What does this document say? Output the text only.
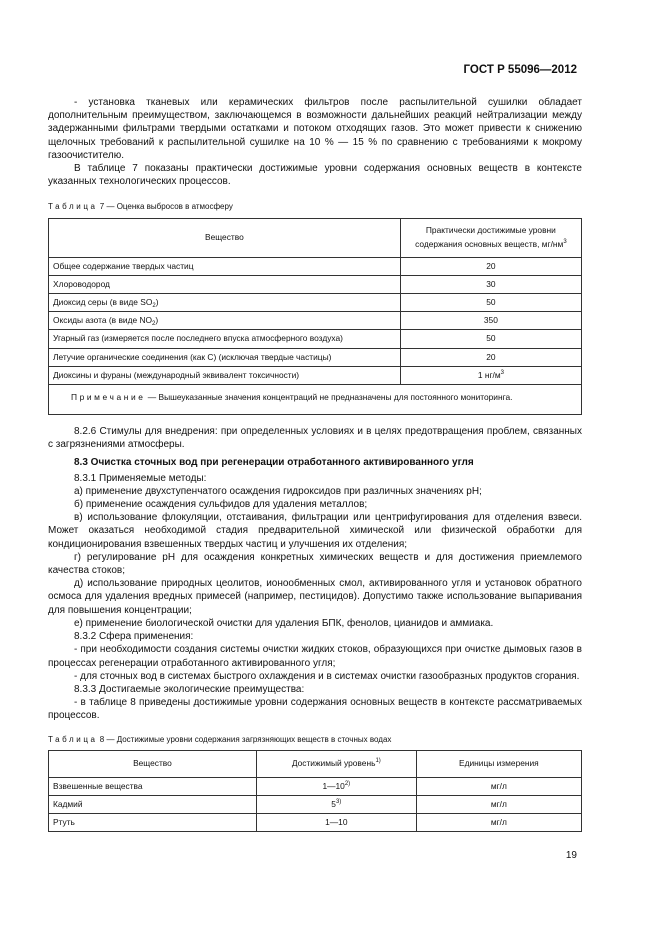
ГОСТ Р 55096—2012

- установка тканевых или керамических фильтров после распылительной сушилки обладает дополнительным преимуществом, заключающемся в возможности дальнейших реакций нейтрализации между задержанными фильтрами твердыми остатками и потоком отходящих газов. Это может привести к снижению щелочных требований к распылительной сушилке на 10 % — 15 % по сравнению с требованиями к мокрому газоочистителю.

В таблице 7 показаны практически достижимые уровни содержания основных веществ в контексте указанных технологических процессов.

Таблица 7 — Оценка выбросов в атмосферу
Вещество	Практически достижимые уровни содержания основных веществ, $мг/нм^3$
Общее содержание твердых частиц	20
Хлороводород	30
Диоксид серы (в виде $SO_2$)	50
Оксиды азота (в виде $NO_2$)	350
Угарный газ (измеряется после последнего впуска атмосферного воздуха)	50
Летучие органические соединения (как С) (исключая твердые частицы)	20
Диоксины и фураны (международный эквивалент токсичности)	1 $нг/м^3$
Примечание — Вышеуказанные значения концентраций не предназначены для постоянного мониторинга.	

8.2.6 Стимулы для внедрения: при определенных условиях и в целях предотвращения проблем, связанных с загрязнениями атмосферы.

8.3 Очистка сточных вод при регенерации отработанного активированного угля

8.3.1 Применяемые методы:

а) применение двухступенчатого осаждения гидроксидов при различных значениях pH;

б) применение осаждения сульфидов для удаления металлов;

в) использование флокуляции, отстаивания, фильтрации или центрифугирования для отделения взвеси. Может оказаться необходимой стадия предварительной химической или физической обработки для кондиционирования взвешенных твердых частиц и улучшения их отделения;

г) регулирование pH для осаждения конкретных химических веществ и для достижения приемлемого качества стоков;

д) использование природных цеолитов, ионообменных смол, активированного угля и установок обратного осмоса для удаления вредных примесей (например, пестицидов). Допустимо также использование выпаривания для повышения концентрации;

е) применение биологической очистки для удаления БПК, фенолов, цианидов и аммиака.

8.3.2 Сфера применения:

- при необходимости создания системы очистки жидких стоков, образующихся при очистке дымовых газов в процессах регенерации отработанного активированного угля;

- для сточных вод в системах быстрого охлаждения и в системах очистки газообразных продуктов сгорания.

8.3.3 Достигаемые экологические преимущества:

- в таблице 8 приведены достижимые уровни содержания основных веществ в контексте рассматриваемых процессов.

Таблица 8 — Достижимые уровни содержания загрязняющих веществ в сточных водах
Вещество	Достижимый уровень$^{1)}$	Единицы измерения
Взвешенные вещества	1—10$^{2)}$	мг/л
Кадмий	5$^{3)}$	мг/л
Ртуть	1—10	мг/л
19
